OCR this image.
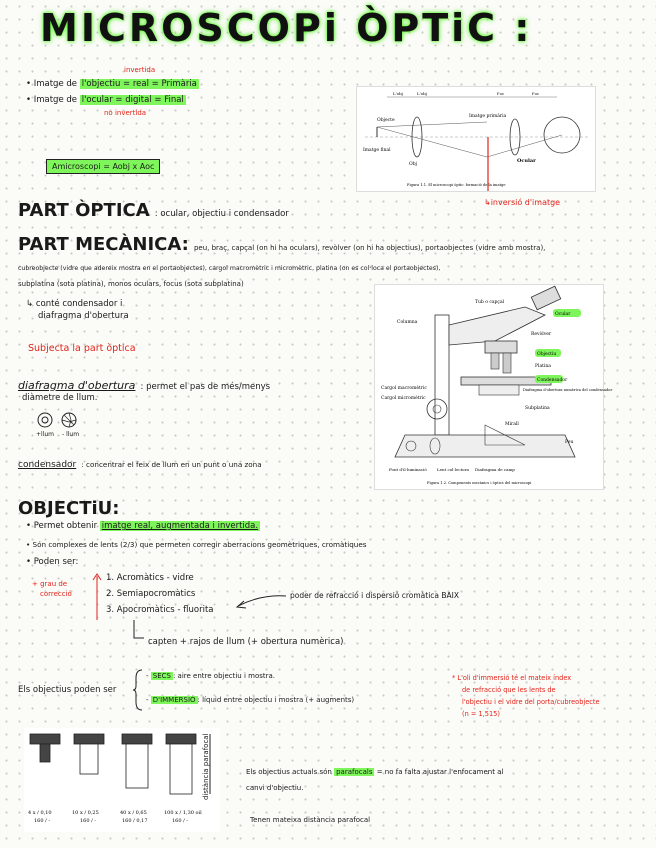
MICROSCOPi ÒPTiC :
invertida
• Imatge de l'objectiu = real = Primària
• Imatge de l'ocular = digital = Final
no invertida
Amicroscopi = Aobj x Aoc
Objecte
Imatge final
Imatge primària
Ocular
Obj
L'obj	L'obj	f'oc	f'oc
Figura 1.1. El microscopi òptic: formació de la imatge
↳inversió d'imatge
PART ÒPTICA : ocular, objectiu i condensador
PART MECÀNICA: peu, braç, capçal (on hi ha oculars), revòlver (on hi ha objectius), portaobjectes (vidre amb mostra),
cubreobjecte (vidre que adereix mostra en el portaobjectes), cargol macromètric i micromètric, platina (on es col·loca el portaobjectes),
subplatina (sota platina), monos oculars, focus (sota subplatina)
↳ conté condensador i
diafragma d'obertura
Subjecta la part òptica
diafragma d'obertura : permet el pas de més/menys
diàmetre de llum.
+llum - llum
condensador : concentrar el feix de llum en un punt o una zona
Tub o capçal
Ocular
Columna
Revòlver
Objectiu
Platina
Condensador
Diafragma d'obertura numèrica del condensador
Cargol macromètric
Cargol micromètric
Subplatina
Mirall
Peu
Font d'il·luminació	Lent col·lectora Diafragma de camp
Figura 1.2. Components mecànics i òptics del microscopi
OBJECTiU:
• Permet obtenir imatge real, augmentada i invertida.
• Són complexes de lents (2/3) que permeten corregir aberracions geomètriques, cromàtiques
• Poden ser:
+ grau de
correcció
1. Acromàtics - vidre
2. Semiapocromàtics
3. Apocromàtics - fluorita
poder de refracció i dispersió cromàtica BAIX
capten + rajos de llum (+ obertura numèrica)
Els objectius poden ser
- SECS : aire entre objectiu i mostra.
- D'IMMERSIÓ : líquid entre objectiu i mostra (+ augments)
* L'oli d'immersió té el mateix índex
de refracció que les lents de
l'objectiu i el vidre del porta/cubreobjecte
(n = 1,515)
4 x / 0,10
160 / -
10 x / 0,25
160 / -
40 x / 0,65
160 / 0,17
100 x / 1,30 oil
160 / -
distància parafocal	Els objectius actuals són parafocals = no fa falta ajustar l'enfocament al
canvi d'objectiu.
Tenen mateixa distància parafocal
